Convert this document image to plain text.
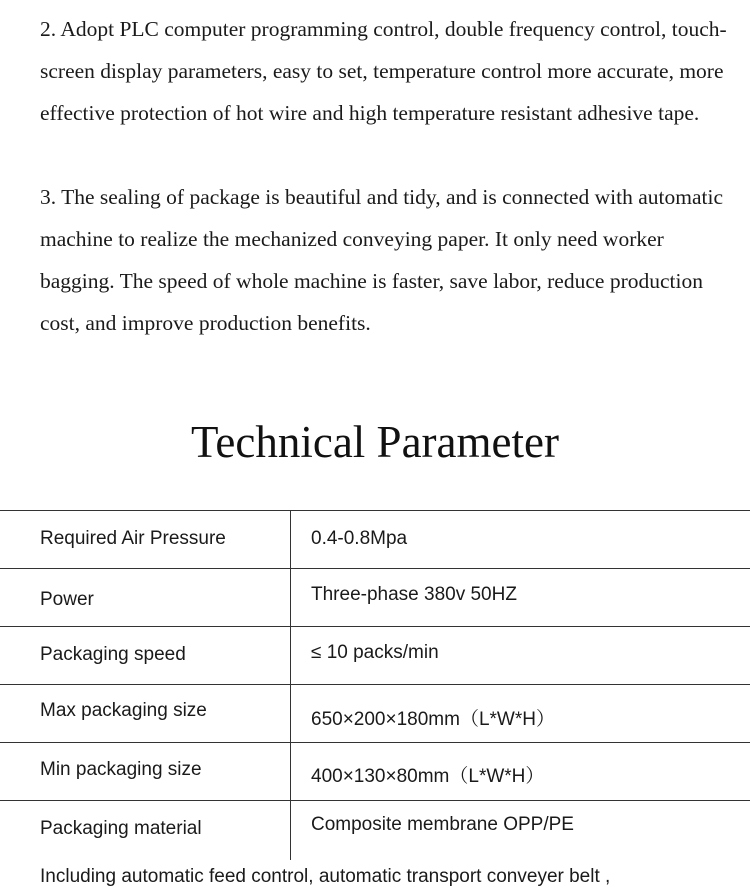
2. Adopt PLC computer programming control, double frequency control, touch-screen display parameters, easy to set, temperature control more accurate, more effective protection of hot wire and high temperature resistant adhesive tape.

3. The sealing of package is beautiful and tidy, and is connected with automatic machine to realize the mechanized conveying paper. It only need worker bagging. The speed of whole machine is faster, save labor, reduce production cost, and improve production benefits.

Technical Parameter
Required Air Pressure	0.4-0.8Mpa
Power	Three-phase 380v 50HZ
Packaging speed	≤ 10 packs/min
Max packaging size	650×200×180mm（L*W*H）
Min packaging size	400×130×80mm（L*W*H）
Packaging material	Composite membrane OPP/PE

Including automatic feed control, automatic transport conveyer belt ,
